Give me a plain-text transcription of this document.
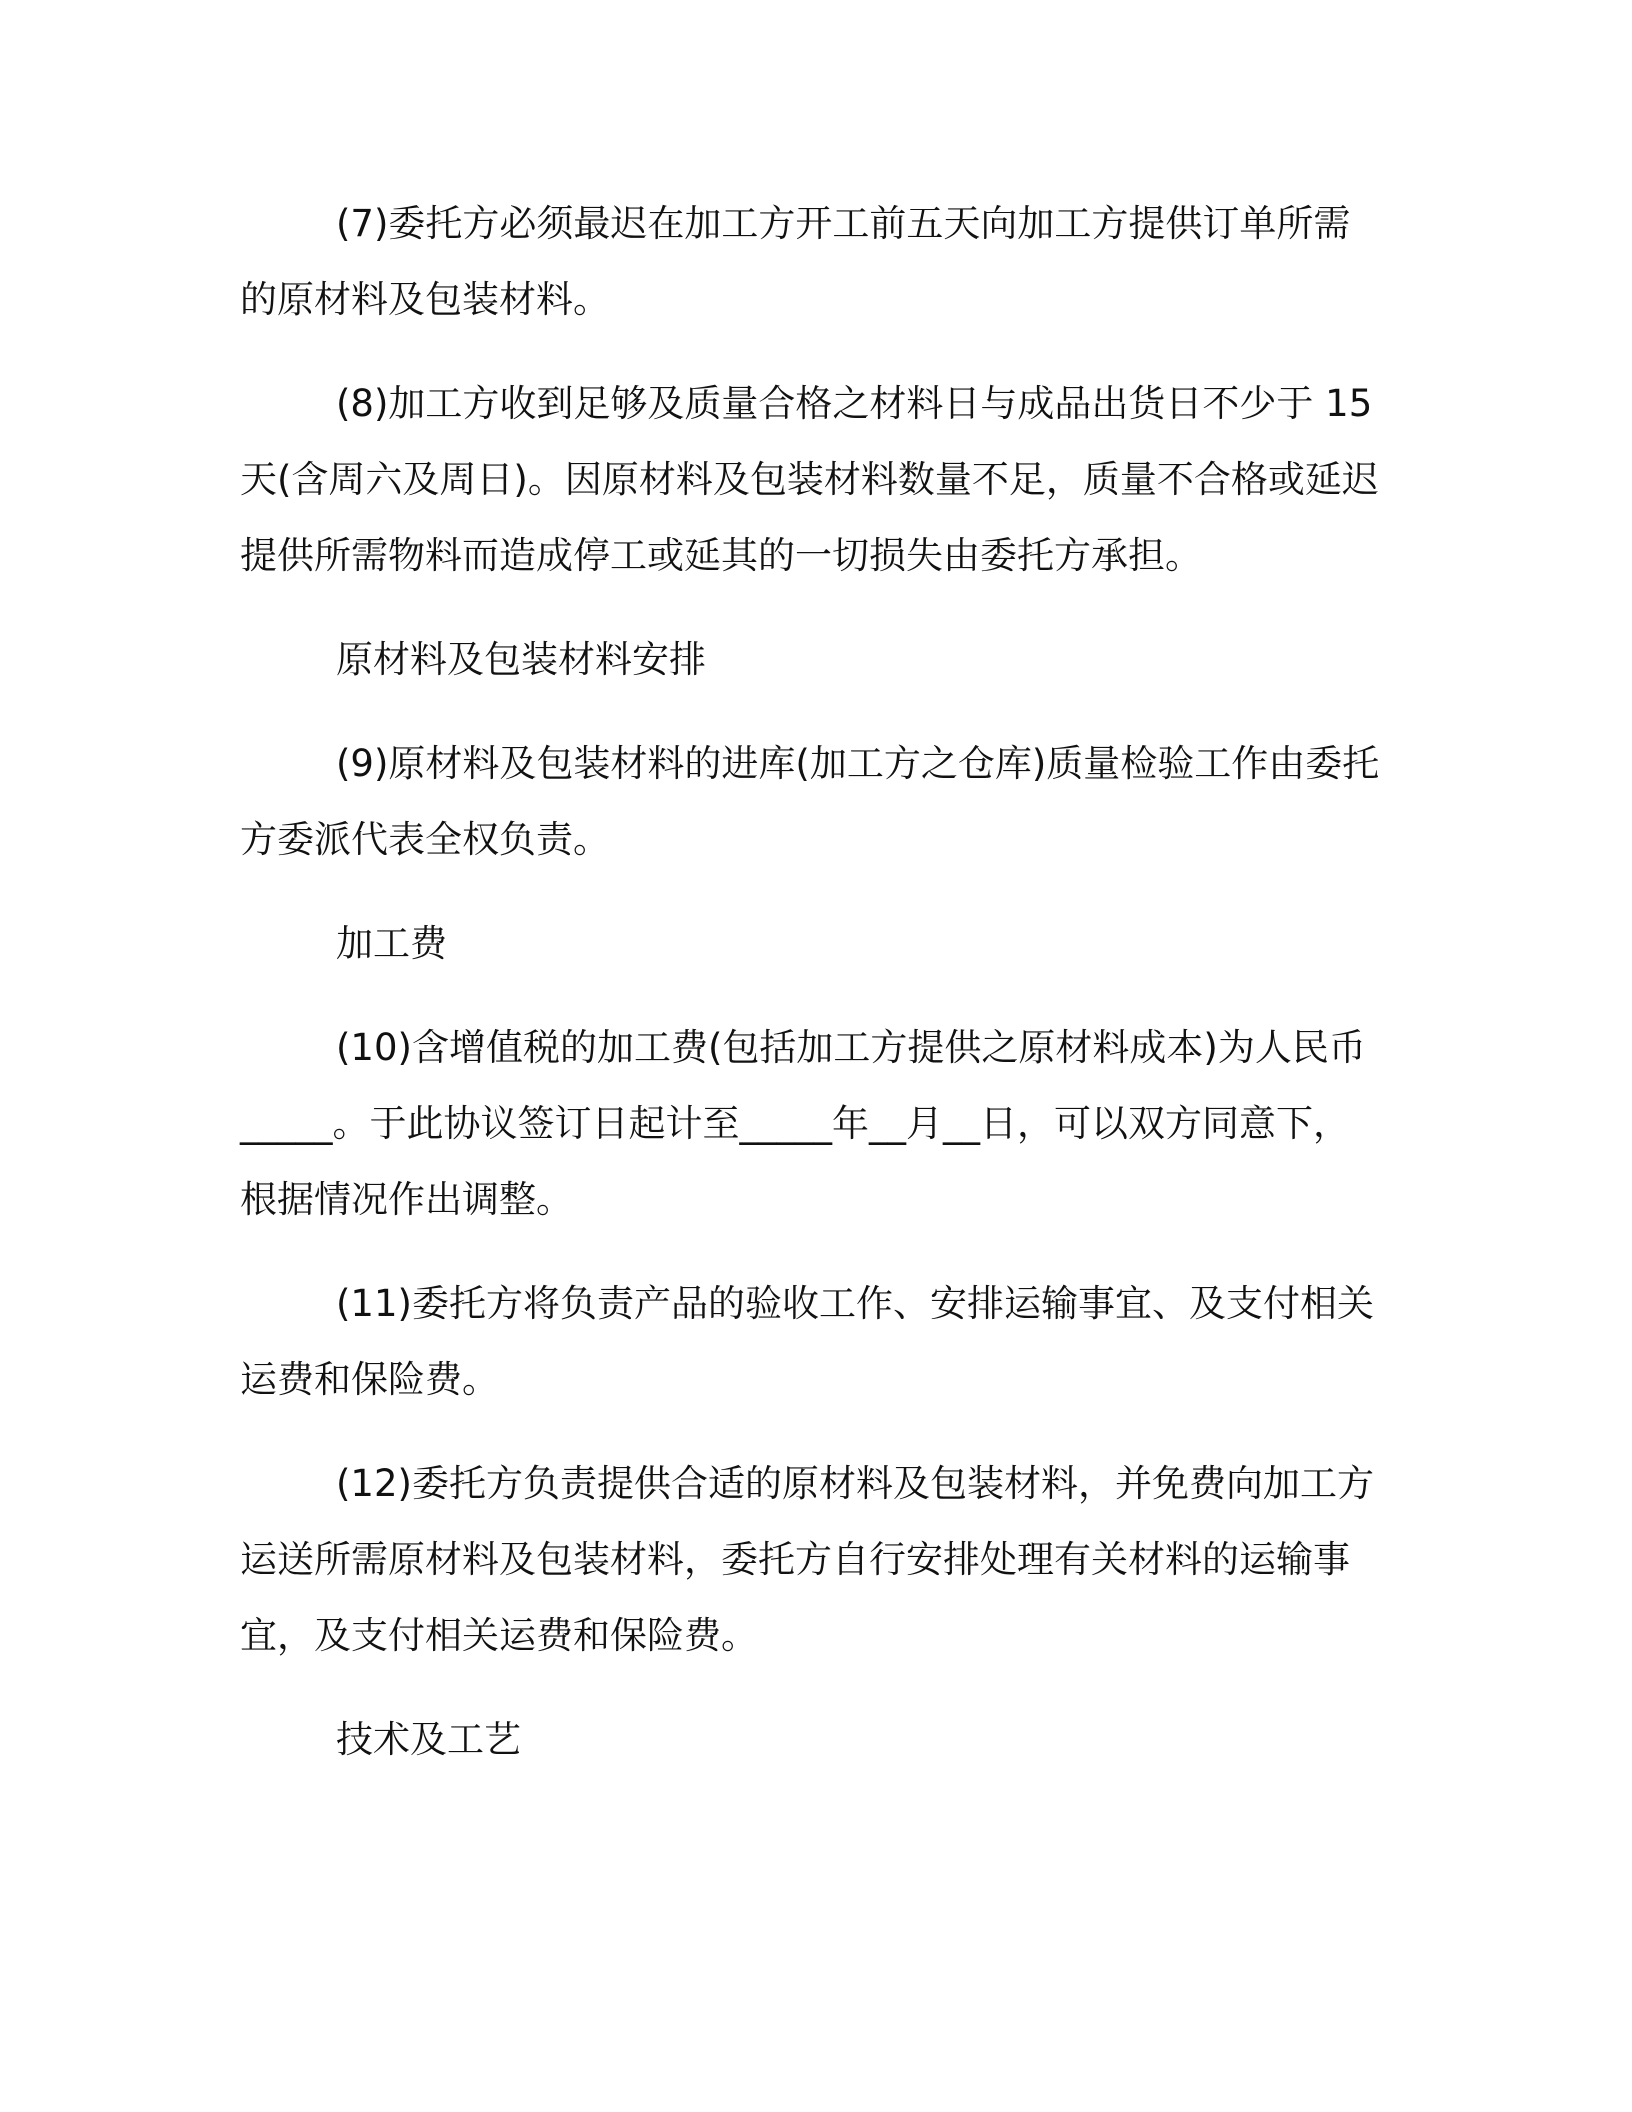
(7)委托方必须最迟在加工方开工前五天向加工方提供订单所需的原材料及包装材料。

(8)加工方收到足够及质量合格之材料日与成品出货日不少于 15 天(含周六及周日)。因原材料及包装材料数量不足，质量不合格或延迟提供所需物料而造成停工或延其的一切损失由委托方承担。

原材料及包装材料安排

(9)原材料及包装材料的进库(加工方之仓库)质量检验工作由委托方委派代表全权负责。

加工费

(10)含增值税的加工费(包括加工方提供之原材料成本)为人民币_____。于此协议签订日起计至_____年__月__日，可以双方同意下，根据情况作出调整。

(11)委托方将负责产品的验收工作、安排运输事宜、及支付相关运费和保险费。

(12)委托方负责提供合适的原材料及包装材料，并免费向加工方运送所需原材料及包装材料，委托方自行安排处理有关材料的运输事宜，及支付相关运费和保险费。

技术及工艺
